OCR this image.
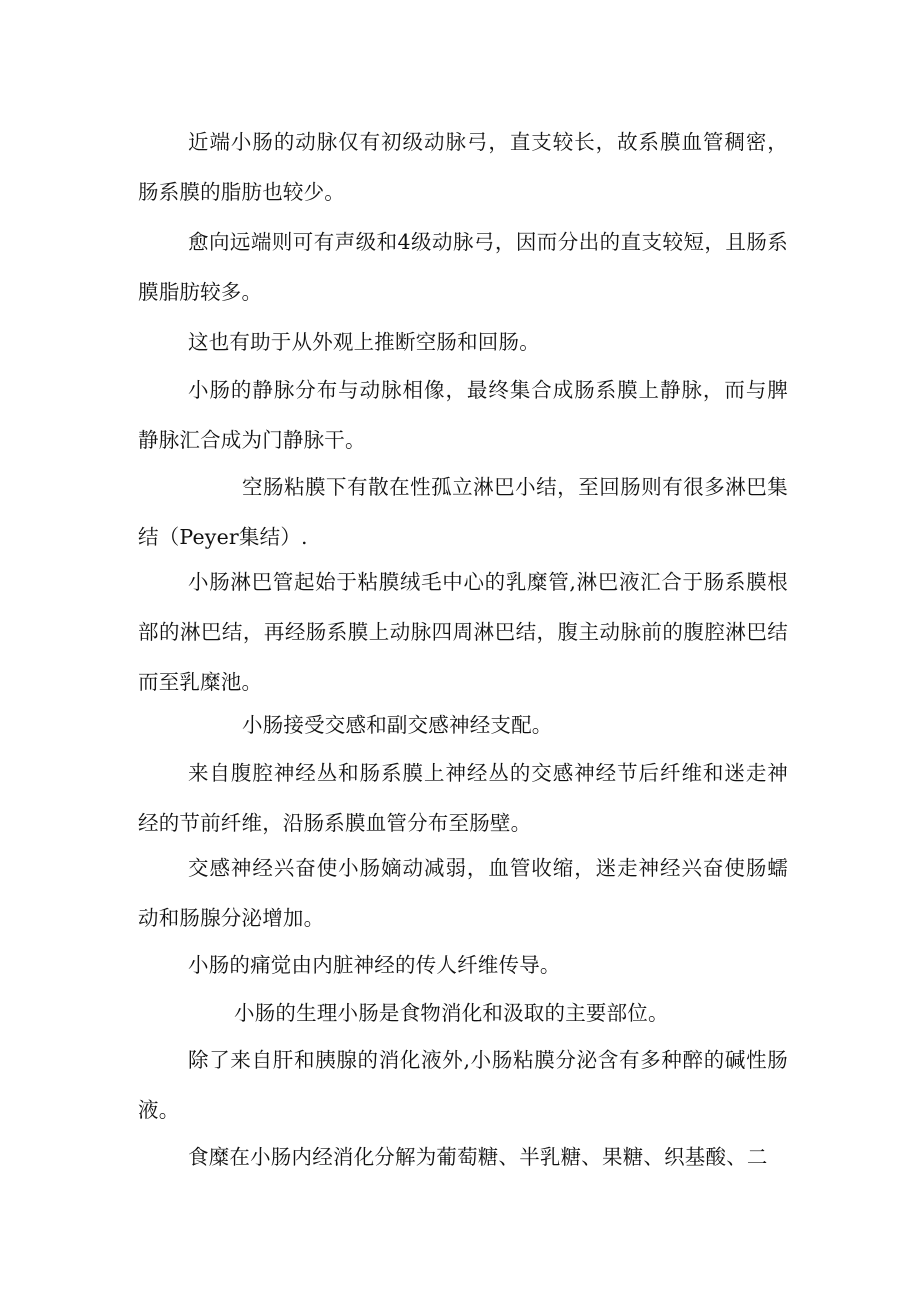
近端小肠的动脉仅有初级动脉弓，直支较长，故系膜血管稠密，肠系膜的脂肪也较少。

愈向远端则可有声级和4级动脉弓，因而分出的直支较短，且肠系膜脂肪较多。

这也有助于从外观上推断空肠和回肠。

小肠的静脉分布与动脉相像，最终集合成肠系膜上静脉，而与脾静脉汇合成为门静脉干。

空肠粘膜下有散在性孤立淋巴小结，至回肠则有很多淋巴集结（Peyer集结）.

小肠淋巴管起始于粘膜绒毛中心的乳糜管,淋巴液汇合于肠系膜根部的淋巴结，再经肠系膜上动脉四周淋巴结，腹主动脉前的腹腔淋巴结而至乳糜池。

小肠接受交感和副交感神经支配。

来自腹腔神经丛和肠系膜上神经丛的交感神经节后纤维和迷走神经的节前纤维，沿肠系膜血管分布至肠壁。

交感神经兴奋使小肠嫡动减弱，血管收缩，迷走神经兴奋使肠蠕动和肠腺分泌增加。

小肠的痛觉由内脏神经的传人纤维传导。

小肠的生理小肠是食物消化和汲取的主要部位。

除了来自肝和胰腺的消化液外,小肠粘膜分泌含有多种醉的碱性肠液。

食糜在小肠内经消化分解为葡萄糖、半乳糖、果糖、织基酸、二
